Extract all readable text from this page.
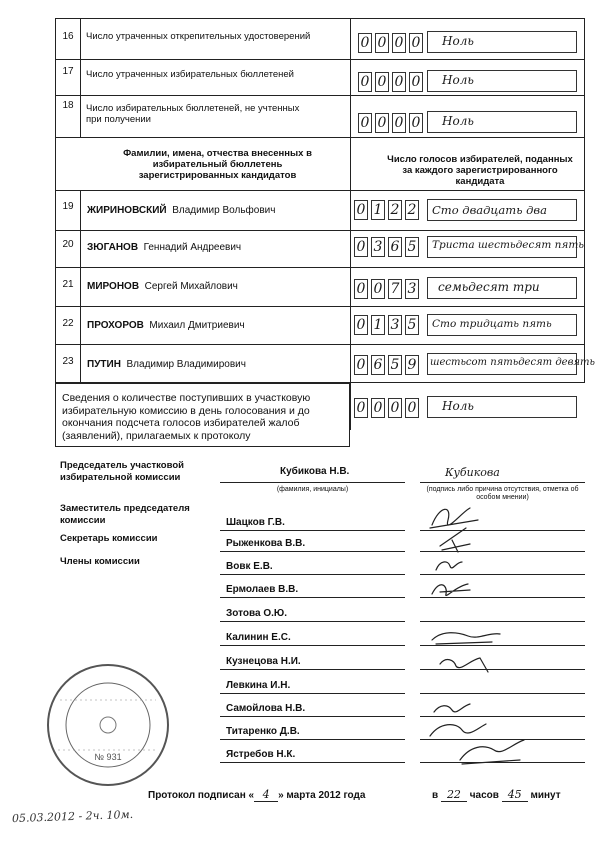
16	Число утраченных открепительных удостоверений	0 0 0 0 Ноль
17	Число утраченных избирательных бюллетеней	0 0 0 0 Ноль
18	Число избирательных бюллетеней, не учтенных при получении	0 0 0 0 Ноль
Фамилии, имена, отчества внесенных в избирательный бюллетень зарегистрированных кандидатов
Число голосов избирателей, поданных за каждого зарегистрированного кандидата
19	ЖИРИНОВСКИЙ Владимир Вольфович	0 1 2 2 Сто двадцать два
20	ЗЮГАНОВ Геннадий Андреевич	0 3 6 5 Триста шестьдесят пять
21	МИРОНОВ Сергей Михайлович	0 0 7 3 семьдесят три
22	ПРОХОРОВ Михаил Дмитриевич	0 1 3 5 Сто тридцать пять
23	ПУТИН Владимир Владимирович	0 6 5 9 шестьсот пятьдесят девять
Сведения о количестве поступивших в участковую избирательную комиссию в день голосования и до окончания подсчета голосов избирателей жалоб (заявлений), прилагаемых к протоколу
0 0 0 0 Ноль
Председатель участковой избирательной комиссии
Кубикова Н.В.
(фамилия, инициалы)
Кубикова
(подпись либо причина отсутствия, отметка об особом мнении)
Заместитель председателя комиссии	Шацков Г.В.
Секретарь комиссии	Рыженкова В.В.
Члены комиссии	Вовк Е.В.
Ермолаев В.В.
Зотова О.Ю.
Калинин Е.С.
Кузнецова Н.И.
Левкина И.Н.
Самойлова Н.В.
Титаренко Д.В.
Ястребов Н.К.
№ 931
Протокол подписан « 4 » марта 2012 года	в 22 часов 45 минут
05.03.2012 - 2ч. 10м.
